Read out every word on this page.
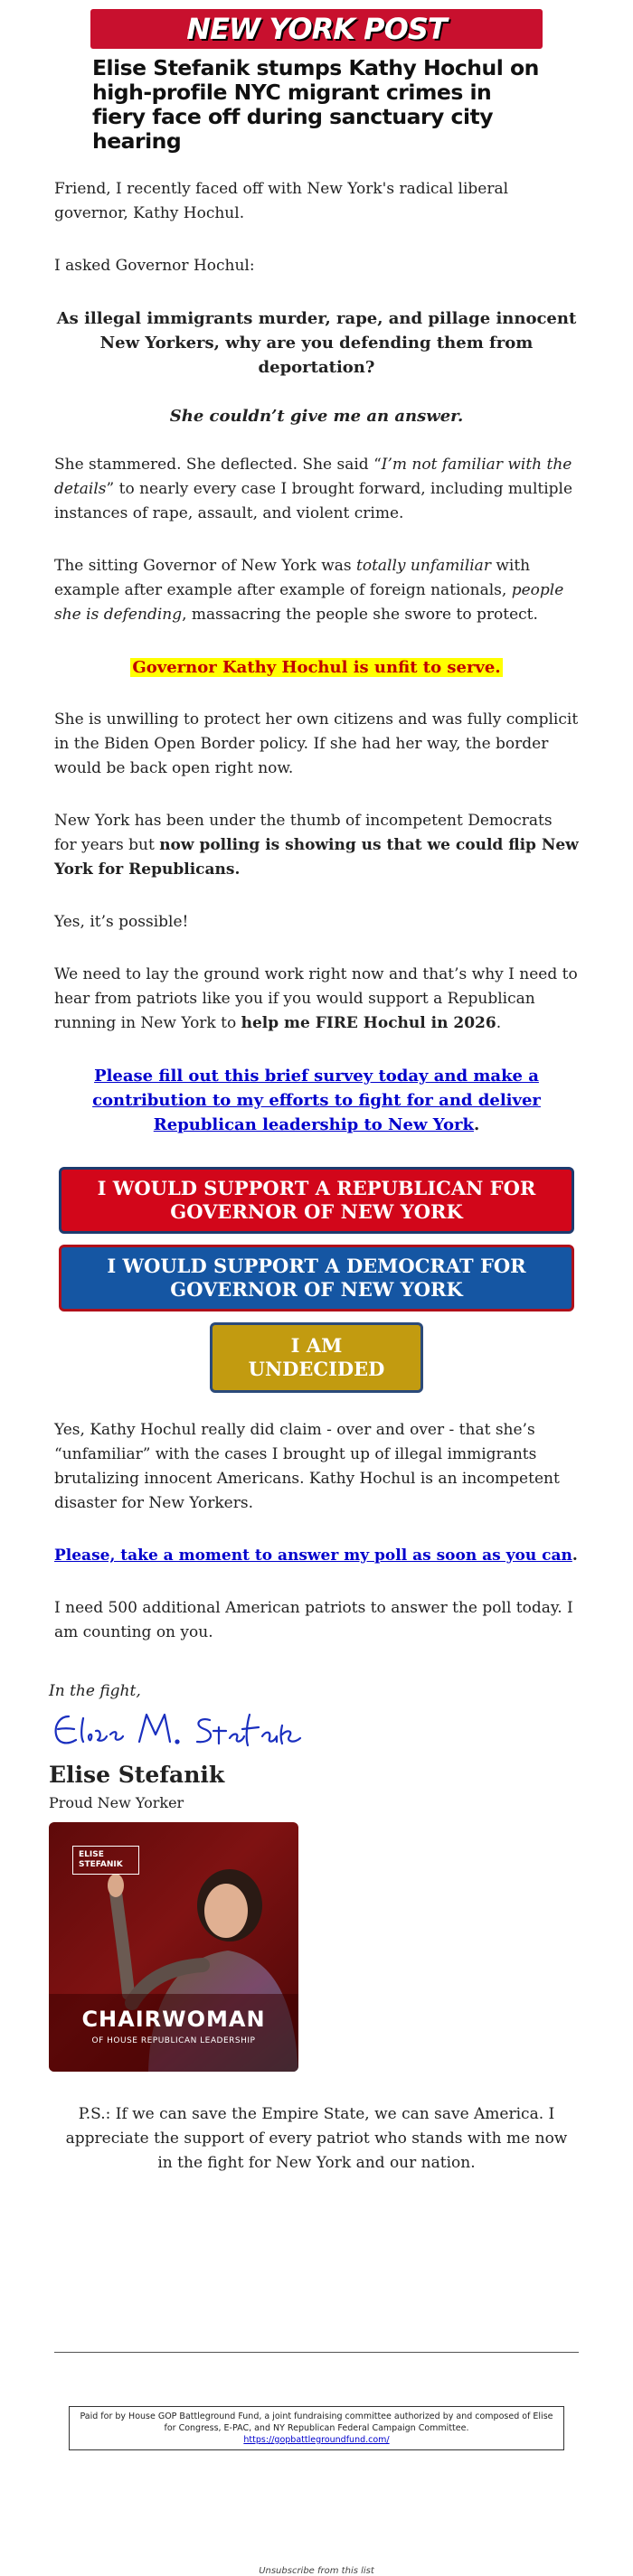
NEW YORK POST
Elise Stefanik stumps Kathy Hochul on high-profile NYC migrant crimes in fiery face off during sanctuary city hearing

Friend, I recently faced off with New York's radical liberal governor, Kathy Hochul.

I asked Governor Hochul:

As illegal immigrants murder, rape, and pillage innocent New Yorkers, why are you defending them from deportation?

She couldn’t give me an answer.

She stammered. She deflected. She said “I’m not familiar with the details” to nearly every case I brought forward, including multiple instances of rape, assault, and violent crime.

The sitting Governor of New York was totally unfamiliar with example after example after example of foreign nationals, people she is defending, massacring the people she swore to protect.

Governor Kathy Hochul is unfit to serve.

She is unwilling to protect her own citizens and was fully complicit in the Biden Open Border policy. If she had her way, the border would be back open right now.

New York has been under the thumb of incompetent Democrats for years but now polling is showing us that we could flip New York for Republicans.

Yes, it’s possible!

We need to lay the ground work right now and that’s why I need to hear from patriots like you if you would support a Republican running in New York to help me FIRE Hochul in 2026.

Please fill out this brief survey today and make a contribution to my efforts to fight for and deliver Republican leadership to New York.

I WOULD SUPPORT A REPUBLICAN FOR GOVERNOR OF NEW YORK
I WOULD SUPPORT A DEMOCRAT FOR GOVERNOR OF NEW YORK
I AM UNDECIDED

Yes, Kathy Hochul really did claim - over and over - that she’s “unfamiliar” with the cases I brought up of illegal immigrants brutalizing innocent Americans. Kathy Hochul is an incompetent disaster for New Yorkers.

Please, take a moment to answer my poll as soon as you can.

I need 500 additional American patriots to answer the poll today. I am counting on you.

In the fight,

Elise Stefanik

Proud New Yorker

ELISE
STEFANIK
CHAIRWOMAN
OF HOUSE REPUBLICAN LEADERSHIP

P.S.: If we can save the Empire State, we can save America. I appreciate the support of every patriot who stands with me now in the fight for New York and our nation.

Paid for by House GOP Battleground Fund, a joint fundraising committee authorized by and composed of Elise for Congress, E-PAC, and NY Republican Federal Campaign Committee.
https://gopbattlegroundfund.com/
Unsubscribe from this list
